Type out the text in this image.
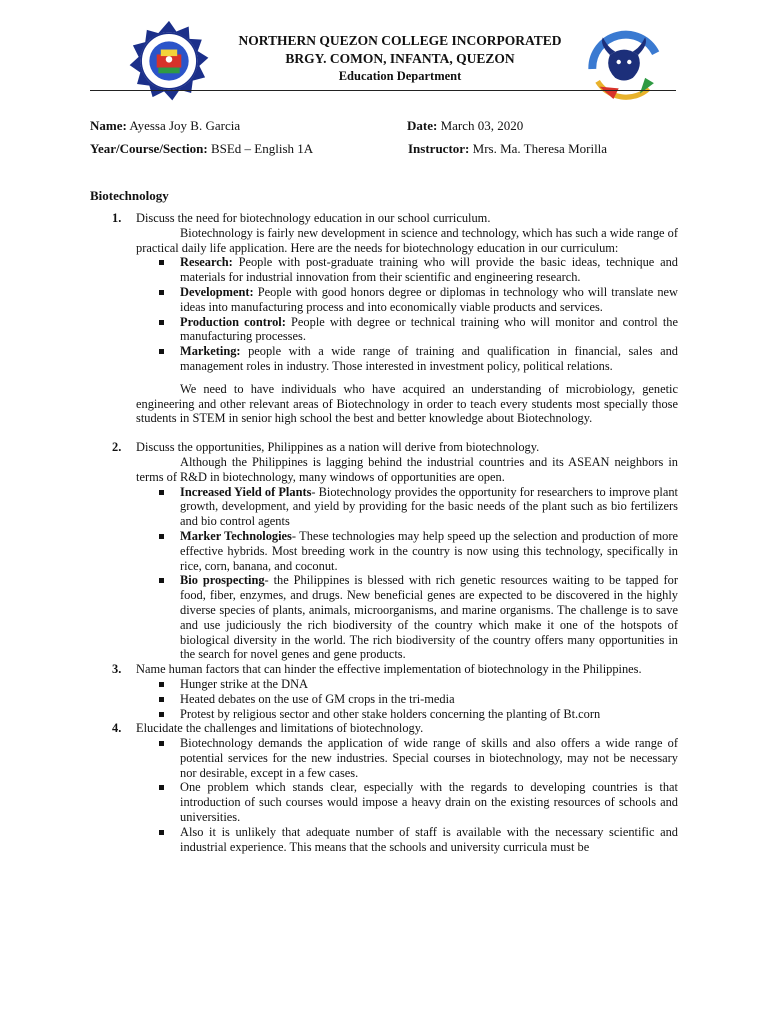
NORTHERN QUEZON COLLEGE INCORPORATED
BRGY. COMON, INFANTA, QUEZON
Education Department
Name: Ayessa Joy B. Garcia	Date: March 03, 2020
Year/Course/Section: BSEd – English 1A	Instructor: Mrs. Ma. Theresa Morilla
Biotechnology
1. Discuss the need for biotechnology education in our school curriculum.

Biotechnology is fairly new development in science and technology, which has such a wide range of practical daily life application. Here are the needs for biotechnology education in our curriculum:

Research: People with post-graduate training who will provide the basic ideas, technique and materials for industrial innovation from their scientific and engineering research.
Development: People with good honors degree or diplomas in technology who will translate new ideas into manufacturing process and into economically viable products and services.
Production control: People with degree or technical training who will monitor and control the manufacturing processes.
Marketing: people with a wide range of training and qualification in financial, sales and management roles in industry. Those interested in investment policy, political relations.

We need to have individuals who have acquired an understanding of microbiology, genetic engineering and other relevant areas of Biotechnology in order to teach every students most specially those students in STEM in senior high school the best and better knowledge about Biotechnology.

2. Discuss the opportunities, Philippines as a nation will derive from biotechnology.

Although the Philippines is lagging behind the industrial countries and its ASEAN neighbors in terms of R&D in biotechnology, many windows of opportunities are open.

Increased Yield of Plants- Biotechnology provides the opportunity for researchers to improve plant growth, development, and yield by providing for the basic needs of the plant such as bio fertilizers and bio control agents
Marker Technologies- These technologies may help speed up the selection and production of more effective hybrids. Most breeding work in the country is now using this technology, specifically in rice, corn, banana, and coconut.
Bio prospecting- the Philippines is blessed with rich genetic resources waiting to be tapped for food, fiber, enzymes, and drugs. New beneficial genes are expected to be discovered in the highly diverse species of plants, animals, microorganisms, and marine organisms. The challenge is to save and use judiciously the rich biodiversity of the country which make it one of the hotspots of biological diversity in the world. The rich biodiversity of the country offers many opportunities in the search for novel genes and gene products.
3. Name human factors that can hinder the effective implementation of biotechnology in the Philippines.
Hunger strike at the DNA
Heated debates on the use of GM crops in the tri-media
Protest by religious sector and other stake holders concerning the planting of Bt.corn
4. Elucidate the challenges and limitations of biotechnology.
Biotechnology demands the application of wide range of skills and also offers a wide range of potential services for the new industries. Special courses in biotechnology, may not be necessary nor desirable, except in a few cases.
One problem which stands clear, especially with the regards to developing countries is that introduction of such courses would impose a heavy drain on the existing resources of schools and universities.
Also it is unlikely that adequate number of staff is available with the necessary scientific and industrial experience. This means that the schools and university curricula must be
